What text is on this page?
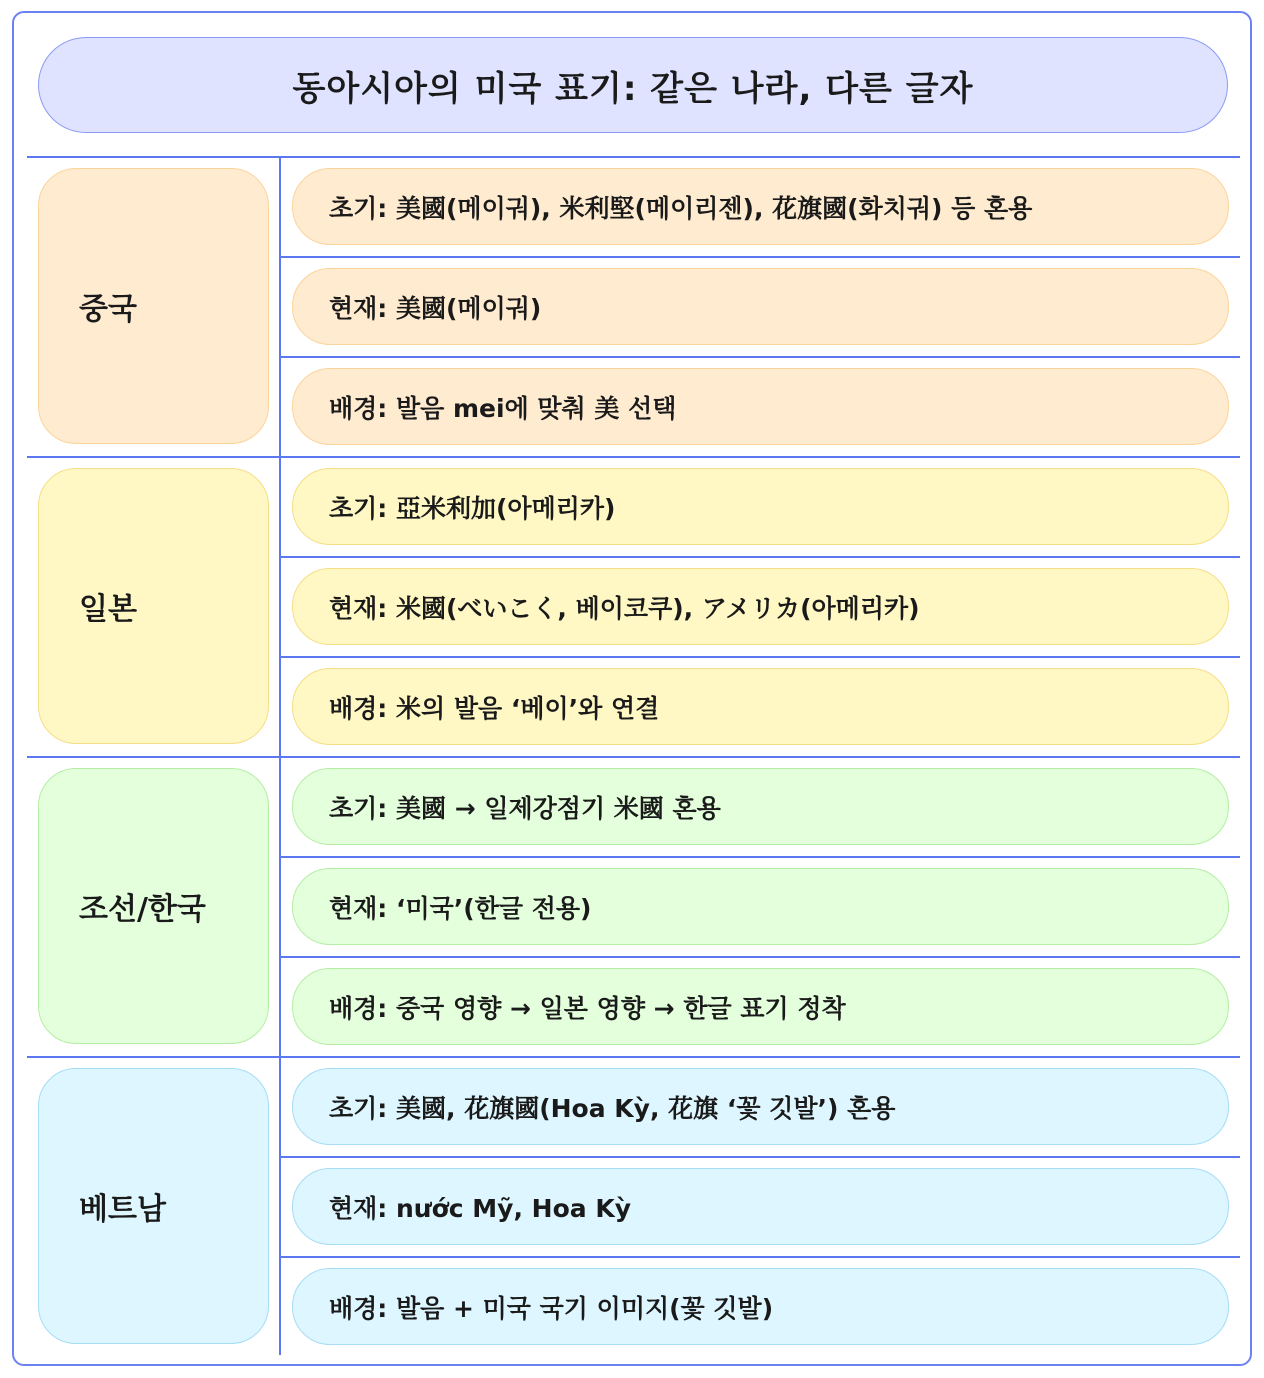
동아시아의 미국 표기: 같은 나라, 다른 글자
중국
초기: 美國(메이궈), 米利堅(메이리젠), 花旗國(화치궈) 등 혼용
현재: 美國(메이궈)
배경: 발음 mei에 맞춰 美 선택
일본
초기: 亞米利加(아메리카)
현재: 米國(べいこく, 베이코쿠), アメリカ(아메리카)
배경: 米의 발음 ‘베이’와 연결
조선/한국
초기: 美國 → 일제강점기 米國 혼용
현재: ‘미국’(한글 전용)
배경: 중국 영향 → 일본 영향 → 한글 표기 정착
베트남
초기: 美國, 花旗國(Hoa Kỳ, 花旗 ‘꽃 깃발’) 혼용
현재: nước Mỹ, Hoa Kỳ
배경: 발음 + 미국 국기 이미지(꽃 깃발)
